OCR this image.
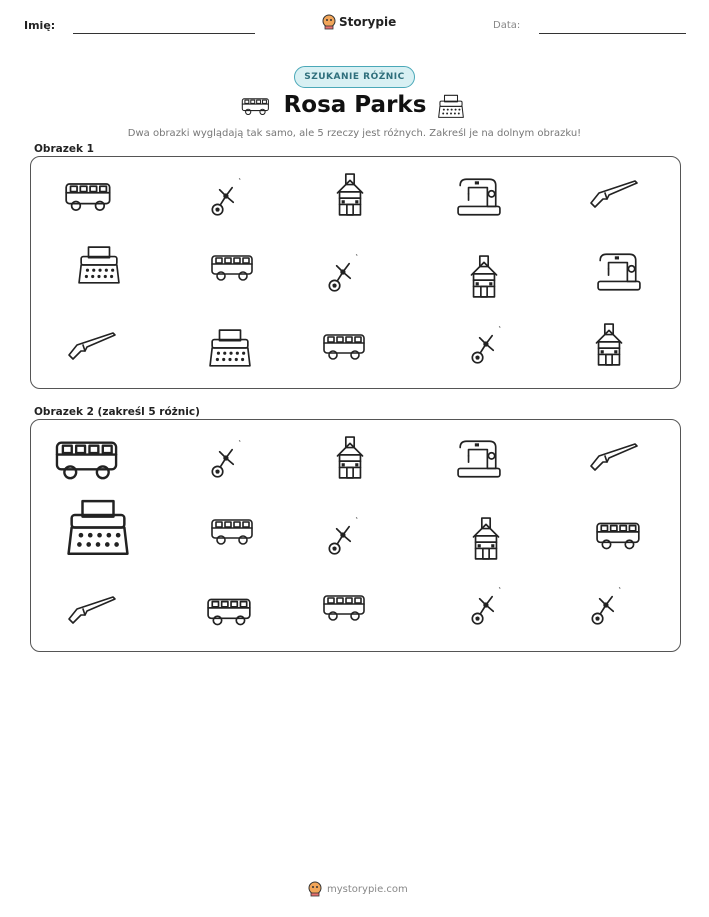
Imię:	Storypie	Data:
SZUKANIE RÓŻNIC
Rosa Parks
Dwa obrazki wyglądają tak samo, ale 5 rzeczy jest różnych. Zakreśl je na dolnym obrazku!
Obrazek 1
Obrazek 2 (zakreśl 5 różnic)
mystorypie.com
